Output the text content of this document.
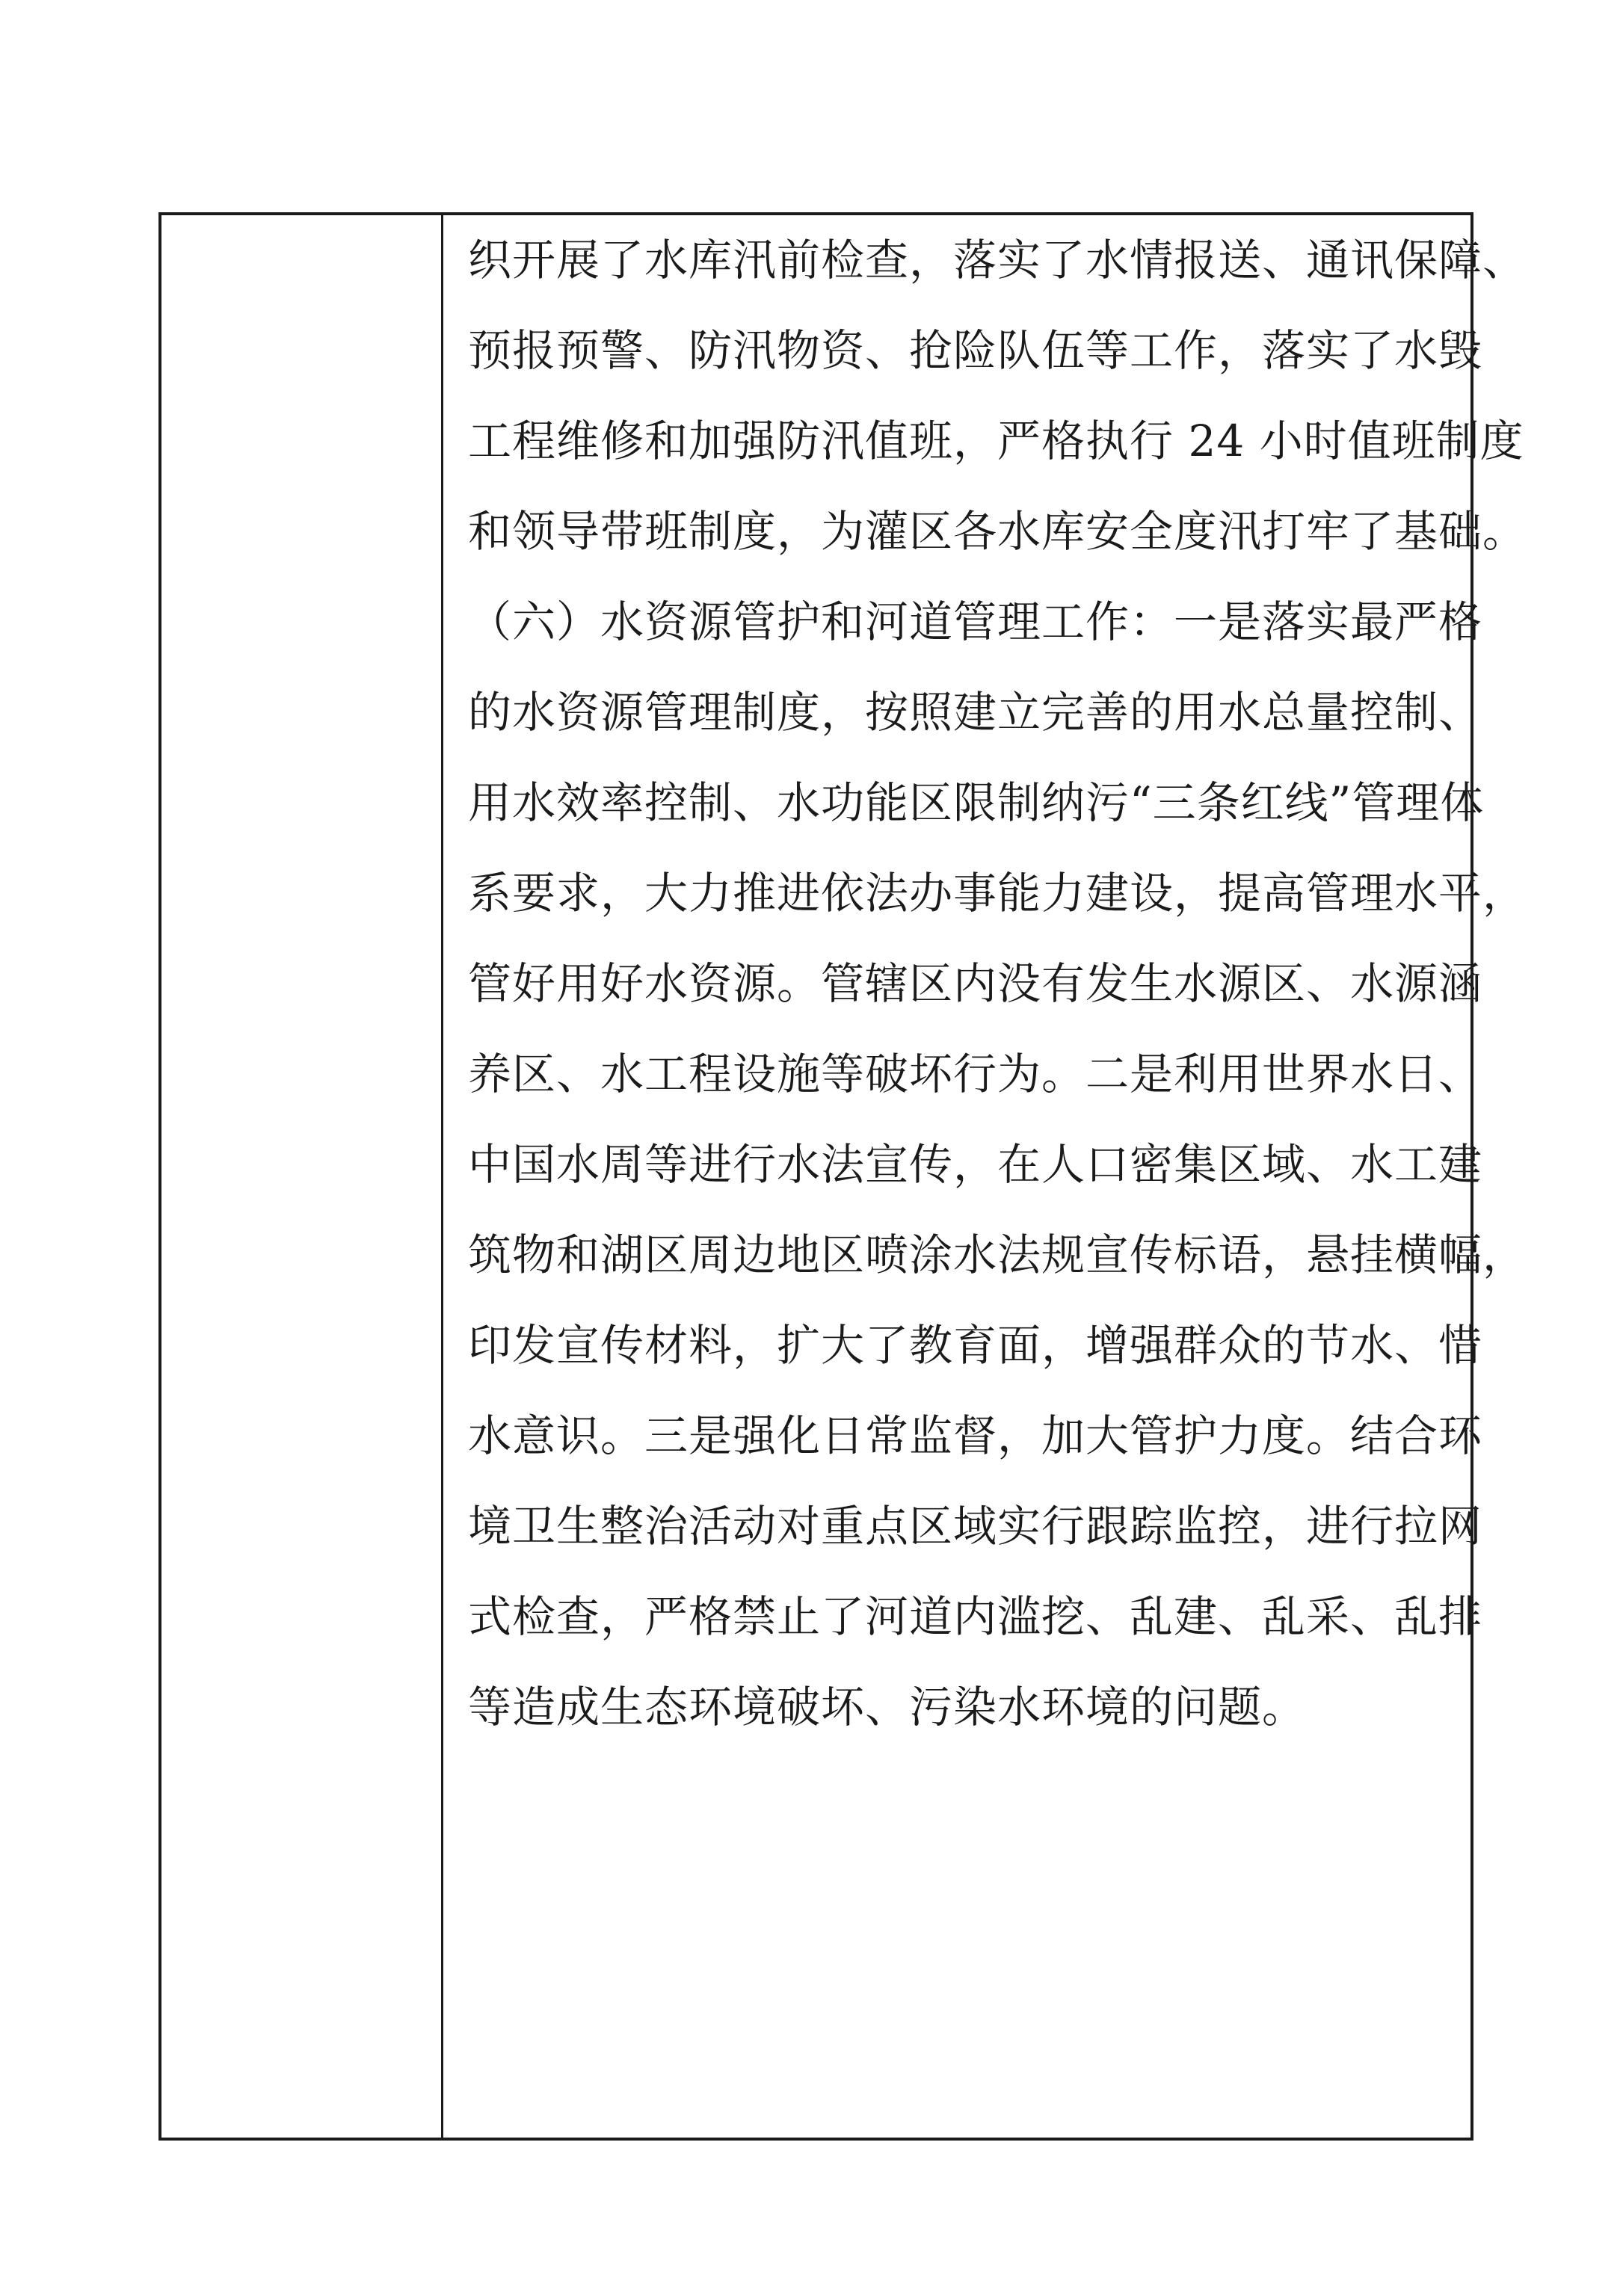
织开展了水库汛前检查，落实了水情报送、通讯保障、
预报预警、防汛物资、抢险队伍等工作，落实了水毁
工程维修和加强防汛值班，严格执行 24 小时值班制度
和领导带班制度，为灌区各水库安全度汛打牢了基础。
（六）水资源管护和河道管理工作：一是落实最严格
的水资源管理制度，按照建立完善的用水总量控制、
用水效率控制、水功能区限制纳污“三条红线”管理体
系要求，大力推进依法办事能力建设，提高管理水平，
管好用好水资源。管辖区内没有发生水源区、水源涵
养区、水工程设施等破坏行为。二是利用世界水日、
中国水周等进行水法宣传，在人口密集区域、水工建
筑物和湖区周边地区喷涂水法规宣传标语，悬挂横幅，
印发宣传材料，扩大了教育面，增强群众的节水、惜
水意识。三是强化日常监督，加大管护力度。结合环
境卫生整治活动对重点区域实行跟踪监控，进行拉网
式检查，严格禁止了河道内滥挖、乱建、乱采、乱排
等造成生态环境破坏、污染水环境的问题。
